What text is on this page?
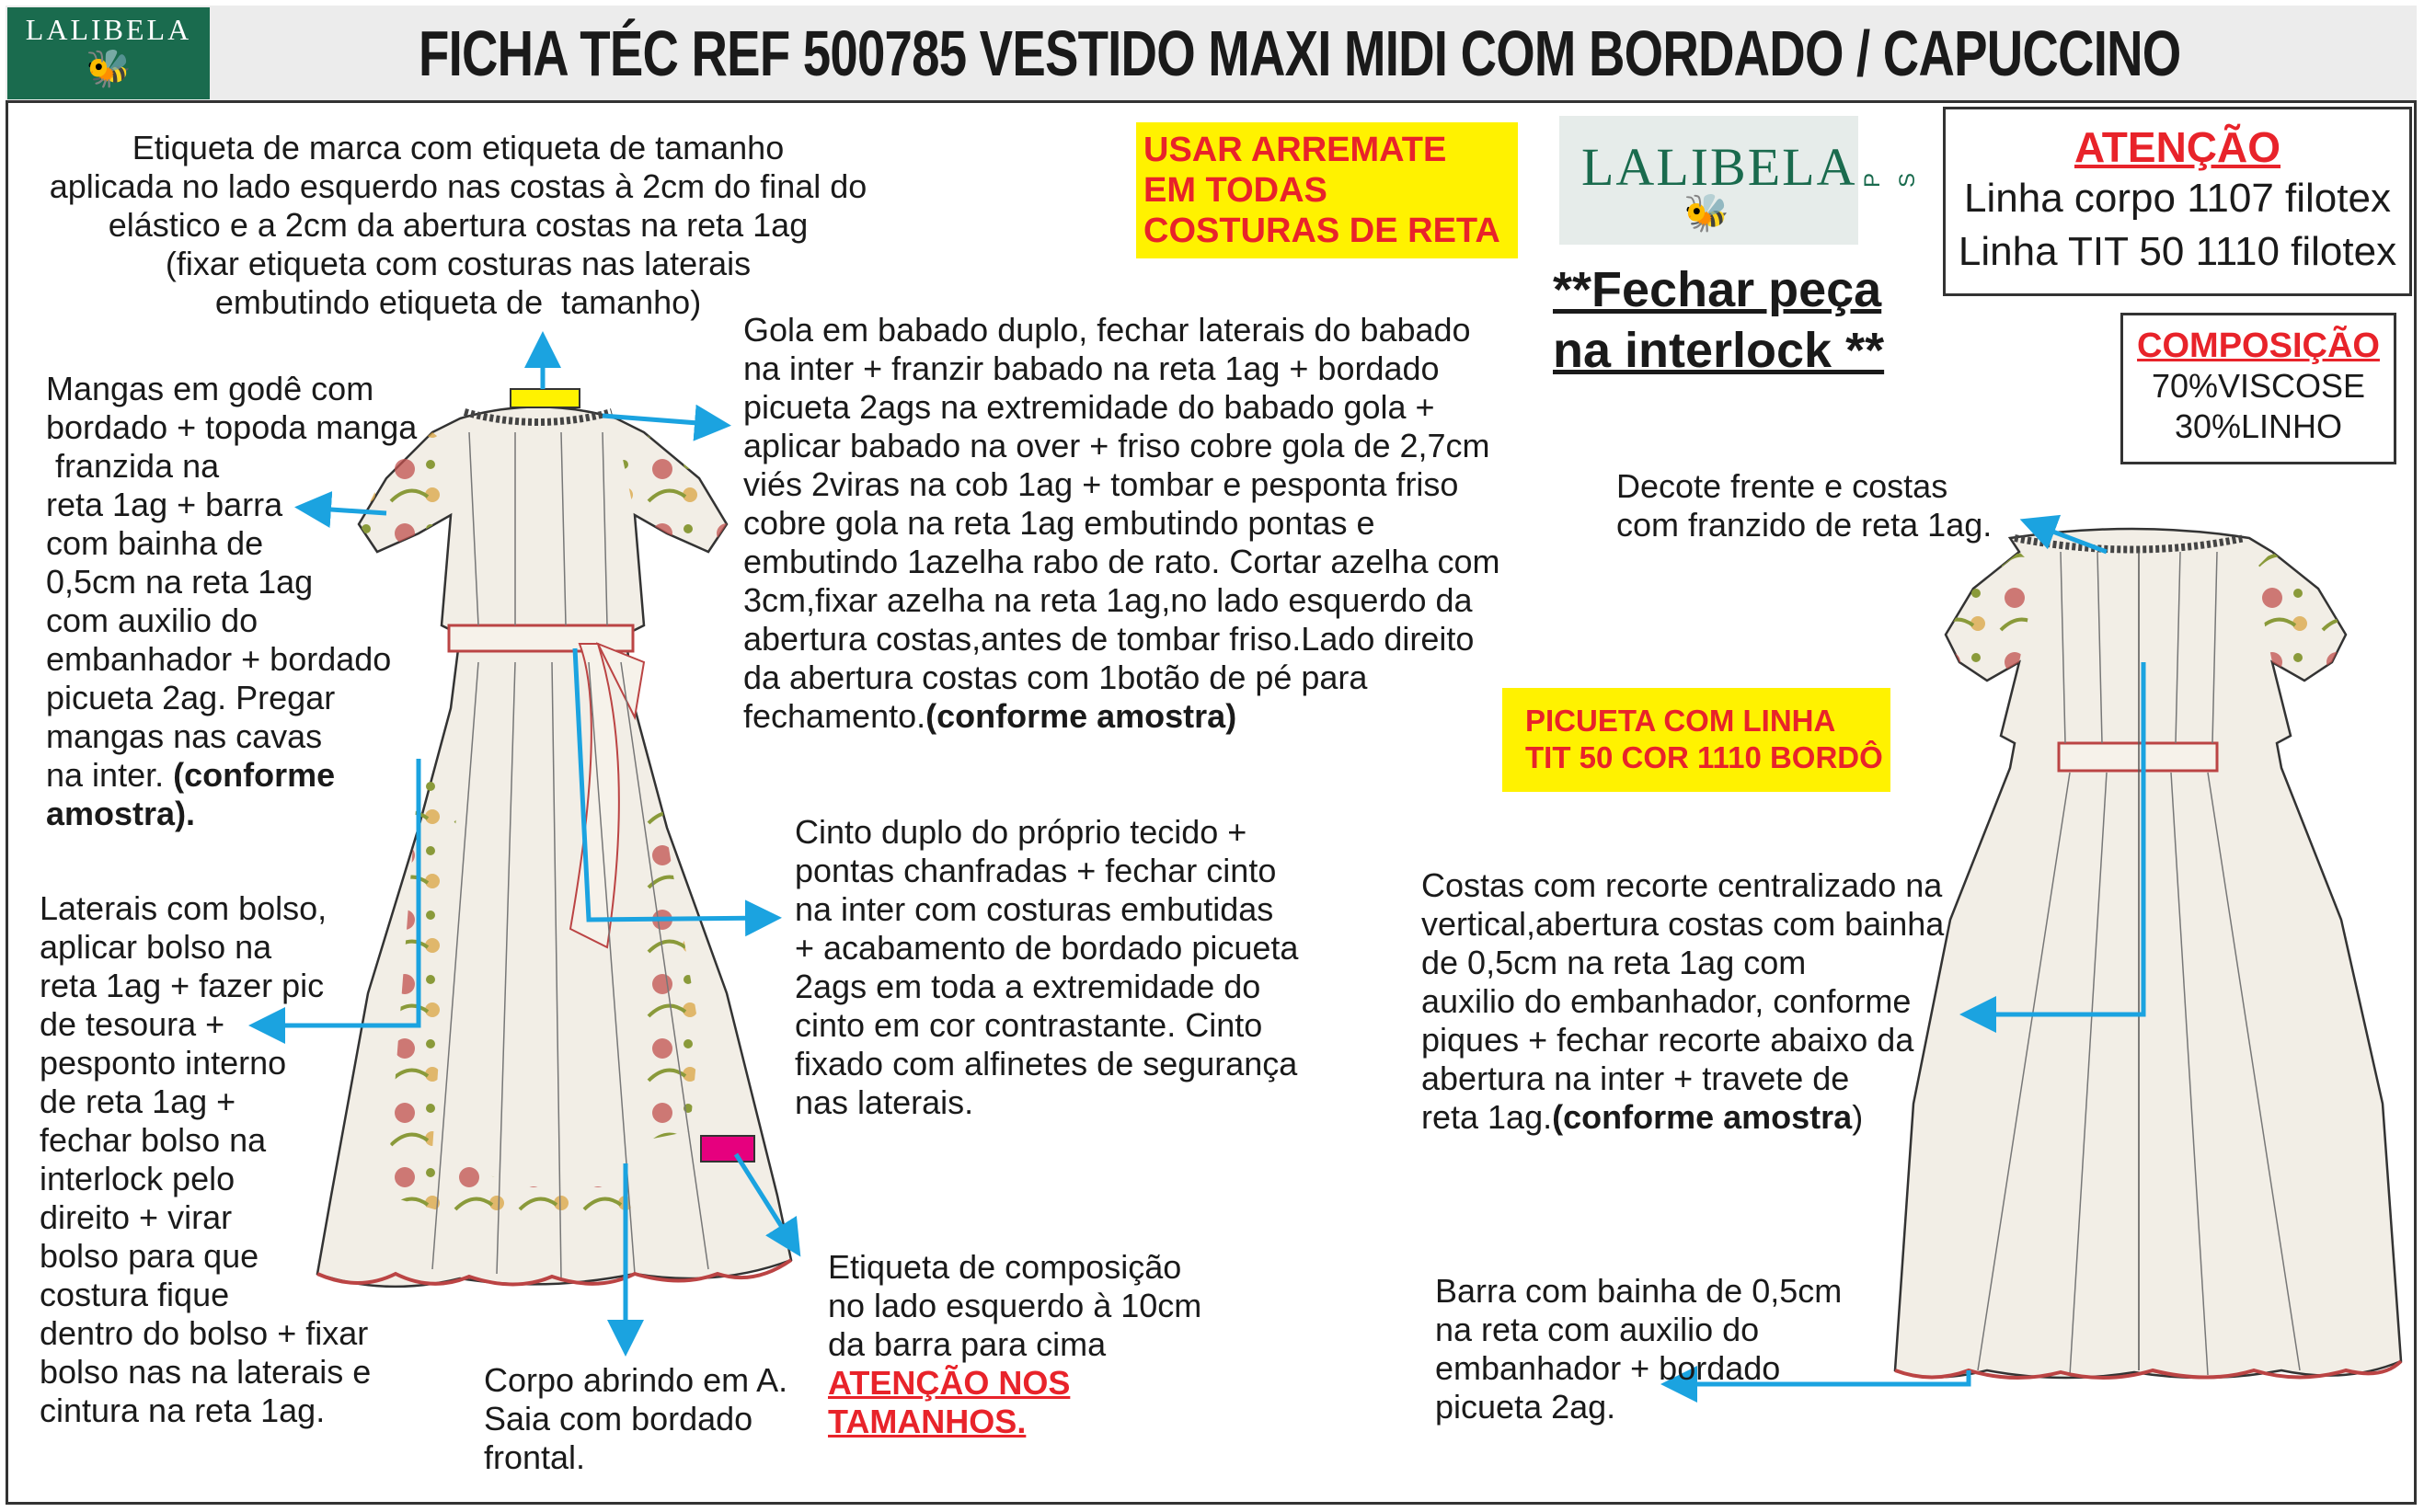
LALIBELA
🐝	FICHA TÉC REF 500785 VESTIDO MAXI MIDI COM BORDADO / CAPUCCINO
Etiqueta de marca com etiqueta de tamanho
aplicada no lado esquerdo nas costas à 2cm do final do
elástico e a 2cm da abertura costas na reta 1ag
(fixar etiqueta com costuras nas laterais
embutindo etiqueta de  tamanho)
USAR ARREMATE
EM TODAS
COSTURAS DE RETA
LALIBELA
🐝
P S
**Fechar peça
na interlock **
ATENÇÃO
Linha corpo 1107 filotex
Linha TIT 50 1110 filotex
COMPOSIÇÃO
70%VISCOSE
30%LINHO
Gola em babado duplo, fechar laterais do babado
na inter + franzir babado na reta 1ag + bordado
picueta 2ags na extremidade do babado gola +
aplicar babado na over + friso cobre gola de 2,7cm
viés 2viras na cob 1ag + tombar e pesponta friso
cobre gola na reta 1ag embutindo pontas e
embutindo 1azelha rabo de rato. Cortar azelha com
3cm,fixar azelha na reta 1ag,no lado esquerdo da
abertura costas,antes de tombar friso.Lado direito
da abertura costas com 1botão de pé para
fechamento.(conforme amostra)
Mangas em godê com
bordado + topoda manga
franzida na
reta 1ag + barra
com bainha de
0,5cm na reta 1ag
com auxilio do
embanhador + bordado
picueta 2ag. Pregar
mangas nas cavas
na inter. (conforme
amostra).
Decote frente e costas
com franzido de reta 1ag.
PICUETA COM LINHA
TIT 50 COR 1110 BORDÔ
Cinto duplo do próprio tecido +
pontas chanfradas + fechar cinto
na inter com costuras embutidas
+ acabamento de bordado picueta
2ags em toda a extremidade do
cinto em cor contrastante. Cinto
fixado com alfinetes de segurança
nas laterais.
Laterais com bolso,
aplicar bolso na
reta 1ag + fazer pic
de tesoura +
pesponto interno
de reta 1ag +
fechar bolso na
interlock pelo
direito + virar
bolso para que
costura fique
dentro do bolso + fixar
bolso nas na laterais e
cintura na reta 1ag.
Costas com recorte centralizado na
vertical,abertura costas com bainha
de 0,5cm na reta 1ag com
auxilio do embanhador, conforme
piques + fechar recorte abaixo da
abertura na inter + travete de
reta 1ag.(conforme amostra)
Etiqueta de composição
no lado esquerdo à 10cm
da barra para cima
ATENÇÃO NOS
TAMANHOS.
Corpo abrindo em A.
Saia com bordado
frontal.
Barra com bainha de 0,5cm
na reta com auxilio do
embanhador + bordado
picueta 2ag.
